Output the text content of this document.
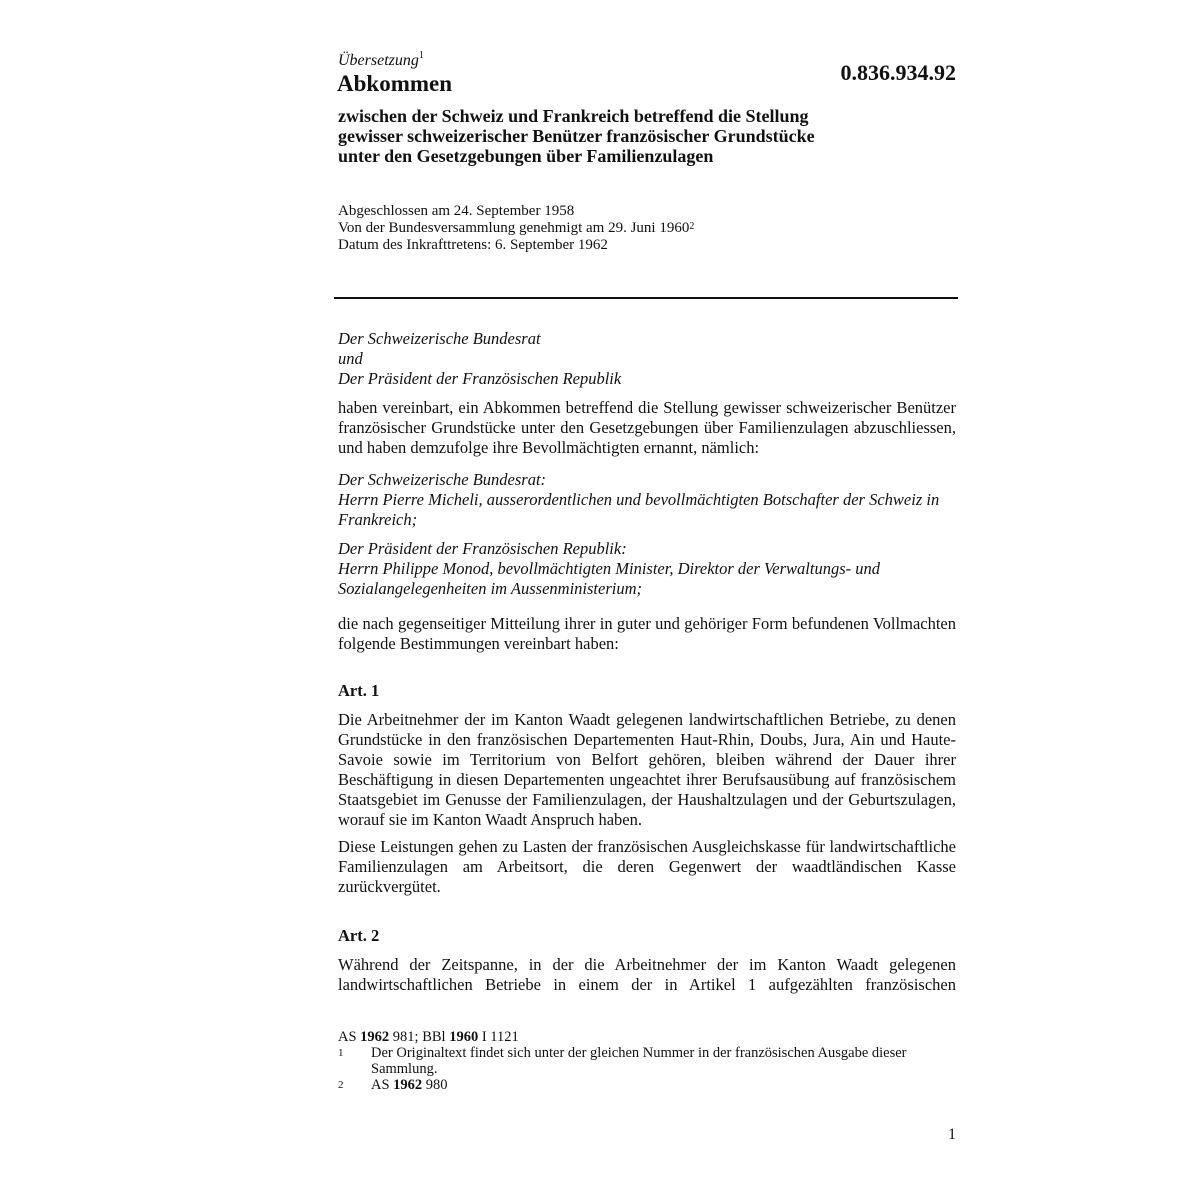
Übersetzung$^1$
Abkommen	0.836.934.92
zwischen der Schweiz und Frankreich betreffend die Stellung
gewisser schweizerischer Benützer französischer Grundstücke
unter den Gesetzgebungen über Familienzulagen
Abgeschlossen am 24. September 1958
Von der Bundesversammlung genehmigt am 29. Juni 1960$^2$
Datum des Inkrafttretens: 6. September 1962
Der Schweizerische Bundesrat
und
Der Präsident der Französischen Republik
haben vereinbart, ein Abkommen betreffend die Stellung gewisser schweizerischer Benützer französischer Grundstücke unter den Gesetzgebungen über Familienzulagen abzuschliessen, und haben demzufolge ihre Bevollmächtigten ernannt, nämlich:
Der Schweizerische Bundesrat:
Herrn Pierre Micheli, ausserordentlichen und bevollmächtigten Botschafter der Schweiz in Frankreich;
Der Präsident der Französischen Republik:
Herrn Philippe Monod, bevollmächtigten Minister, Direktor der Verwaltungs- und Sozialangelegenheiten im Aussenministerium;
die nach gegenseitiger Mitteilung ihrer in guter und gehöriger Form befundenen Vollmachten folgende Bestimmungen vereinbart haben:
Art. 1
Die Arbeitnehmer der im Kanton Waadt gelegenen landwirtschaftlichen Betriebe, zu denen Grundstücke in den französischen Departementen Haut-Rhin, Doubs, Jura, Ain und Haute-Savoie sowie im Territorium von Belfort gehören, bleiben während der Dauer ihrer Beschäftigung in diesen Departementen ungeachtet ihrer Berufsausübung auf französischem Staatsgebiet im Genusse der Familienzulagen, der Haushaltzulagen und der Geburtszulagen, worauf sie im Kanton Waadt Anspruch haben.
Diese Leistungen gehen zu Lasten der französischen Ausgleichskasse für landwirtschaftliche Familienzulagen am Arbeitsort, die deren Gegenwert der waadtländischen Kasse zurückvergütet.
Art. 2
Während der Zeitspanne, in der die Arbeitnehmer der im Kanton Waadt gelegenen landwirtschaftlichen Betriebe in einem der in Artikel 1 aufgezählten französischen
AS 1962 981; BBl 1960 I 1121
1	Der Originaltext findet sich unter der gleichen Nummer in der französischen Ausgabe dieser Sammlung.
2	AS 1962 980
1
